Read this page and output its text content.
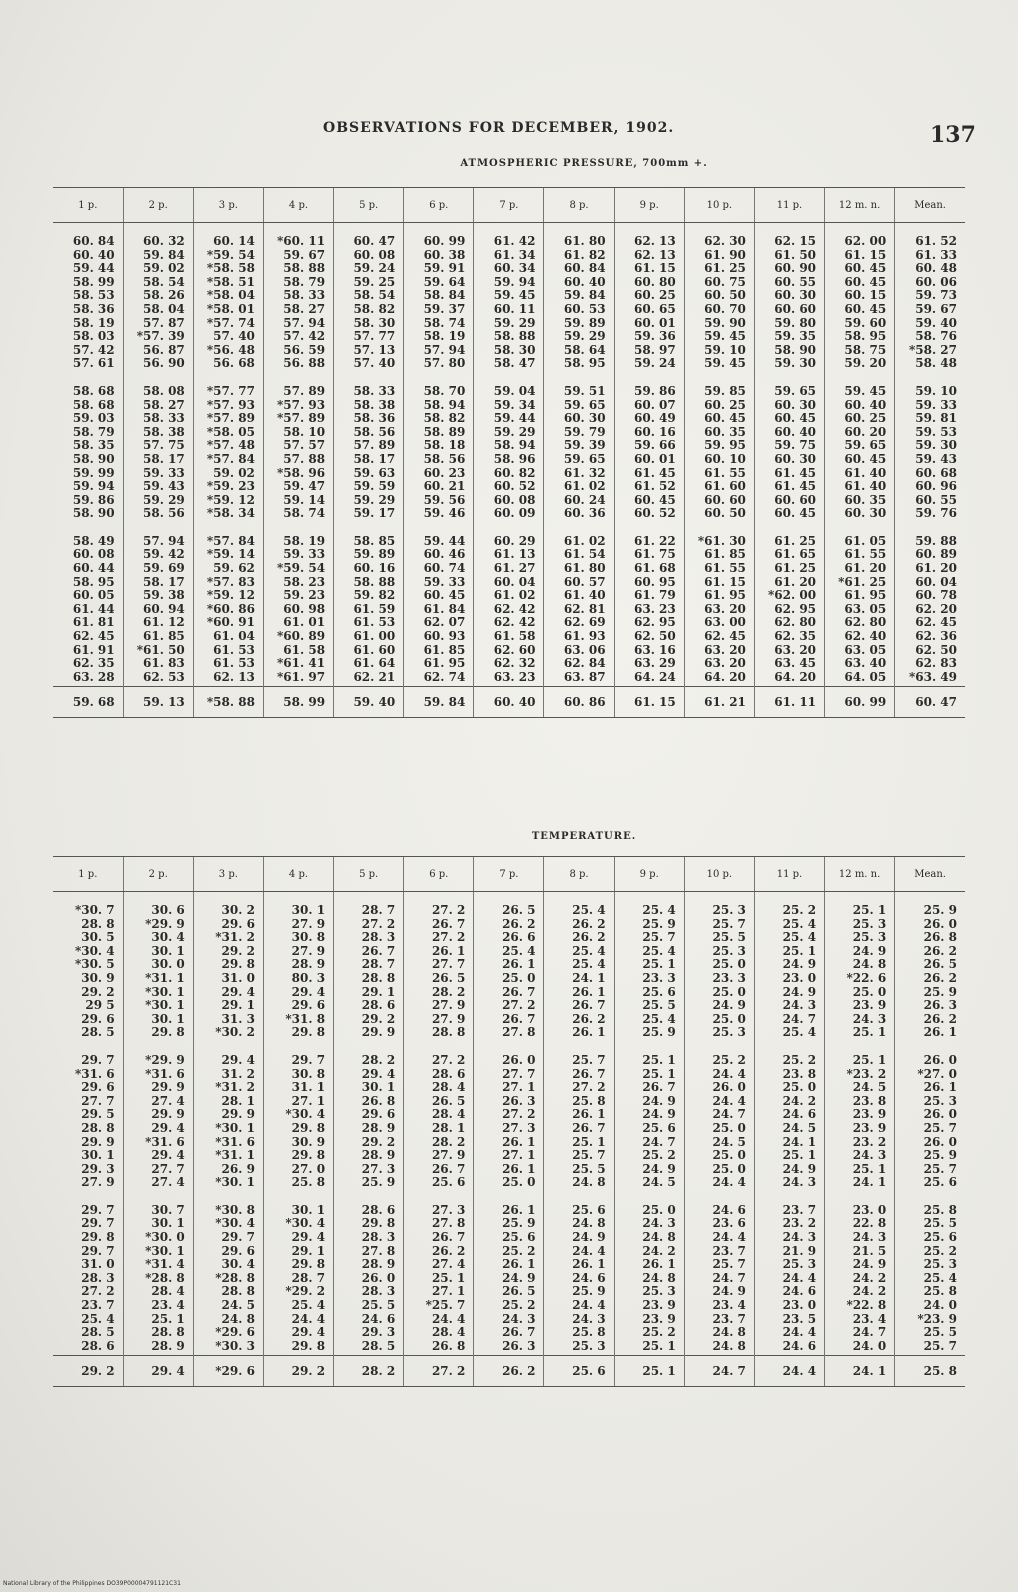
OBSERVATIONS FOR DECEMBER, 1902.	137
ATMOSPHERIC PRESSURE, 700mm +.
1 p.	2 p.	3 p.	4 p.	5 p.	6 p.	7 p.	8 p.	9 p.	10 p.	11 p.	12 m. n.	Mean.
60. 84	60. 32	60. 14	*60. 11	60. 47	60. 99	61. 42	61. 80	62. 13	62. 30	62. 15	62. 00	61. 52
60. 40	59. 84	*59. 54	59. 67	60. 08	60. 38	61. 34	61. 82	62. 13	61. 90	61. 50	61. 15	61. 33
59. 44	59. 02	*58. 58	58. 88	59. 24	59. 91	60. 34	60. 84	61. 15	61. 25	60. 90	60. 45	60. 48
58. 99	58. 54	*58. 51	58. 79	59. 25	59. 64	59. 94	60. 40	60. 80	60. 75	60. 55	60. 45	60. 06
58. 53	58. 26	*58. 04	58. 33	58. 54	58. 84	59. 45	59. 84	60. 25	60. 50	60. 30	60. 15	59. 73
58. 36	58. 04	*58. 01	58. 27	58. 82	59. 37	60. 11	60. 53	60. 65	60. 70	60. 60	60. 45	59. 67
58. 19	57. 87	*57. 74	57. 94	58. 30	58. 74	59. 29	59. 89	60. 01	59. 90	59. 80	59. 60	59. 40
58. 03	*57. 39	57. 40	57. 42	57. 77	58. 19	58. 88	59. 29	59. 36	59. 45	59. 35	58. 95	58. 76
57. 42	56. 87	*56. 48	56. 59	57. 13	57. 94	58. 30	58. 64	58. 97	59. 10	58. 90	58. 75	*58. 27
57. 61	56. 90	56. 68	56. 88	57. 40	57. 80	58. 47	58. 95	59. 24	59. 45	59. 30	59. 20	58. 48
58. 68	58. 08	*57. 77	57. 89	58. 33	58. 70	59. 04	59. 51	59. 86	59. 85	59. 65	59. 45	59. 10
58. 68	58. 27	*57. 93	*57. 93	58. 38	58. 94	59. 34	59. 65	60. 07	60. 25	60. 30	60. 40	59. 33
59. 03	58. 33	*57. 89	*57. 89	58. 36	58. 82	59. 44	60. 30	60. 49	60. 45	60. 45	60. 25	59. 81
58. 79	58. 38	*58. 05	58. 10	58. 56	58. 89	59. 29	59. 79	60. 16	60. 35	60. 40	60. 20	59. 53
58. 35	57. 75	*57. 48	57. 57	57. 89	58. 18	58. 94	59. 39	59. 66	59. 95	59. 75	59. 65	59. 30
58. 90	58. 17	*57. 84	57. 88	58. 17	58. 56	58. 96	59. 65	60. 01	60. 10	60. 30	60. 45	59. 43
59. 99	59. 33	59. 02	*58. 96	59. 63	60. 23	60. 82	61. 32	61. 45	61. 55	61. 45	61. 40	60. 68
59. 94	59. 43	*59. 23	59. 47	59. 59	60. 21	60. 52	61. 02	61. 52	61. 60	61. 45	61. 40	60. 96
59. 86	59. 29	*59. 12	59. 14	59. 29	59. 56	60. 08	60. 24	60. 45	60. 60	60. 60	60. 35	60. 55
58. 90	58. 56	*58. 34	58. 74	59. 17	59. 46	60. 09	60. 36	60. 52	60. 50	60. 45	60. 30	59. 76
58. 49	57. 94	*57. 84	58. 19	58. 85	59. 44	60. 29	61. 02	61. 22	*61. 30	61. 25	61. 05	59. 88
60. 08	59. 42	*59. 14	59. 33	59. 89	60. 46	61. 13	61. 54	61. 75	61. 85	61. 65	61. 55	60. 89
60. 44	59. 69	59. 62	*59. 54	60. 16	60. 74	61. 27	61. 80	61. 68	61. 55	61. 25	61. 20	61. 20
58. 95	58. 17	*57. 83	58. 23	58. 88	59. 33	60. 04	60. 57	60. 95	61. 15	61. 20	*61. 25	60. 04
60. 05	59. 38	*59. 12	59. 23	59. 82	60. 45	61. 02	61. 40	61. 79	61. 95	*62. 00	61. 95	60. 78
61. 44	60. 94	*60. 86	60. 98	61. 59	61. 84	62. 42	62. 81	63. 23	63. 20	62. 95	63. 05	62. 20
61. 81	61. 12	*60. 91	61. 01	61. 53	62. 07	62. 42	62. 69	62. 95	63. 00	62. 80	62. 80	62. 45
62. 45	61. 85	61. 04	*60. 89	61. 00	60. 93	61. 58	61. 93	62. 50	62. 45	62. 35	62. 40	62. 36
61. 91	*61. 50	61. 53	61. 58	61. 60	61. 85	62. 60	63. 06	63. 16	63. 20	63. 20	63. 05	62. 50
62. 35	61. 83	61. 53	*61. 41	61. 64	61. 95	62. 32	62. 84	63. 29	63. 20	63. 45	63. 40	62. 83
63. 28	62. 53	62. 13	*61. 97	62. 21	62. 74	63. 23	63. 87	64. 24	64. 20	64. 20	64. 05	*63. 49
59. 68	59. 13	*58. 88	58. 99	59. 40	59. 84	60. 40	60. 86	61. 15	61. 21	61. 11	60. 99	60. 47
TEMPERATURE.
1 p.	2 p.	3 p.	4 p.	5 p.	6 p.	7 p.	8 p.	9 p.	10 p.	11 p.	12 m. n.	Mean.
*30. 7	30. 6	30. 2	30. 1	28. 7	27. 2	26. 5	25. 4	25. 4	25. 3	25. 2	25. 1	25. 9
28. 8	*29. 9	29. 6	27. 9	27. 2	26. 7	26. 2	26. 2	25. 9	25. 7	25. 4	25. 3	26. 0
30. 5	30. 4	*31. 2	30. 8	28. 3	27. 2	26. 6	26. 2	25. 7	25. 5	25. 4	25. 3	26. 8
*30. 4	30. 1	29. 2	27. 9	26. 7	26. 1	25. 4	25. 4	25. 4	25. 3	25. 1	24. 9	26. 2
*30. 5	30. 0	29. 8	28. 9	28. 7	27. 7	26. 1	25. 4	25. 1	25. 0	24. 9	24. 8	26. 5
30. 9	*31. 1	31. 0	80. 3	28. 8	26. 5	25. 0	24. 1	23. 3	23. 3	23. 0	*22. 6	26. 2
29. 2	*30. 1	29. 4	29. 4	29. 1	28. 2	26. 7	26. 1	25. 6	25. 0	24. 9	25. 0	25. 9
29 5	*30. 1	29. 1	29. 6	28. 6	27. 9	27. 2	26. 7	25. 5	24. 9	24. 3	23. 9	26. 3
29. 6	30. 1	31. 3	*31. 8	29. 2	27. 9	26. 7	26. 2	25. 4	25. 0	24. 7	24. 3	26. 2
28. 5	29. 8	*30. 2	29. 8	29. 9	28. 8	27. 8	26. 1	25. 9	25. 3	25. 4	25. 1	26. 1
29. 7	*29. 9	29. 4	29. 7	28. 2	27. 2	26. 0	25. 7	25. 1	25. 2	25. 2	25. 1	26. 0
*31. 6	*31. 6	31. 2	30. 8	29. 4	28. 6	27. 7	26. 7	25. 1	24. 4	23. 8	*23. 2	*27. 0
29. 6	29. 9	*31. 2	31. 1	30. 1	28. 4	27. 1	27. 2	26. 7	26. 0	25. 0	24. 5	26. 1
27. 7	27. 4	28. 1	27. 1	26. 8	26. 5	26. 3	25. 8	24. 9	24. 4	24. 2	23. 8	25. 3
29. 5	29. 9	29. 9	*30. 4	29. 6	28. 4	27. 2	26. 1	24. 9	24. 7	24. 6	23. 9	26. 0
28. 8	29. 4	*30. 1	29. 8	28. 9	28. 1	27. 3	26. 7	25. 6	25. 0	24. 5	23. 9	25. 7
29. 9	*31. 6	*31. 6	30. 9	29. 2	28. 2	26. 1	25. 1	24. 7	24. 5	24. 1	23. 2	26. 0
30. 1	29. 4	*31. 1	29. 8	28. 9	27. 9	27. 1	25. 7	25. 2	25. 0	25. 1	24. 3	25. 9
29. 3	27. 7	26. 9	27. 0	27. 3	26. 7	26. 1	25. 5	24. 9	25. 0	24. 9	25. 1	25. 7
27. 9	27. 4	*30. 1	25. 8	25. 9	25. 6	25. 0	24. 8	24. 5	24. 4	24. 3	24. 1	25. 6
29. 7	30. 7	*30. 8	30. 1	28. 6	27. 3	26. 1	25. 6	25. 0	24. 6	23. 7	23. 0	25. 8
29. 7	30. 1	*30. 4	*30. 4	29. 8	27. 8	25. 9	24. 8	24. 3	23. 6	23. 2	22. 8	25. 5
29. 8	*30. 0	29. 7	29. 4	28. 3	26. 7	25. 6	24. 9	24. 8	24. 4	24. 3	24. 3	25. 6
29. 7	*30. 1	29. 6	29. 1	27. 8	26. 2	25. 2	24. 4	24. 2	23. 7	21. 9	21. 5	25. 2
31. 0	*31. 4	30. 4	29. 8	28. 9	27. 4	26. 1	26. 1	26. 1	25. 7	25. 3	24. 9	25. 3
28. 3	*28. 8	*28. 8	28. 7	26. 0	25. 1	24. 9	24. 6	24. 8	24. 7	24. 4	24. 2	25. 4
27. 2	28. 4	28. 8	*29. 2	28. 3	27. 1	26. 5	25. 9	25. 3	24. 9	24. 6	24. 2	25. 8
23. 7	23. 4	24. 5	25. 4	25. 5	*25. 7	25. 2	24. 4	23. 9	23. 4	23. 0	*22. 8	24. 0
25. 4	25. 1	24. 8	24. 4	24. 6	24. 4	24. 3	24. 3	23. 9	23. 7	23. 5	23. 4	*23. 9
28. 5	28. 8	*29. 6	29. 4	29. 3	28. 4	26. 7	25. 8	25. 2	24. 8	24. 4	24. 7	25. 5
28. 6	28. 9	*30. 3	29. 8	28. 5	26. 8	26. 3	25. 3	25. 1	24. 8	24. 6	24. 0	25. 7
29. 2	29. 4	*29. 6	29. 2	28. 2	27. 2	26. 2	25. 6	25. 1	24. 7	24. 4	24. 1	25. 8
National Library of the Philippines DO39P00004791121C31
